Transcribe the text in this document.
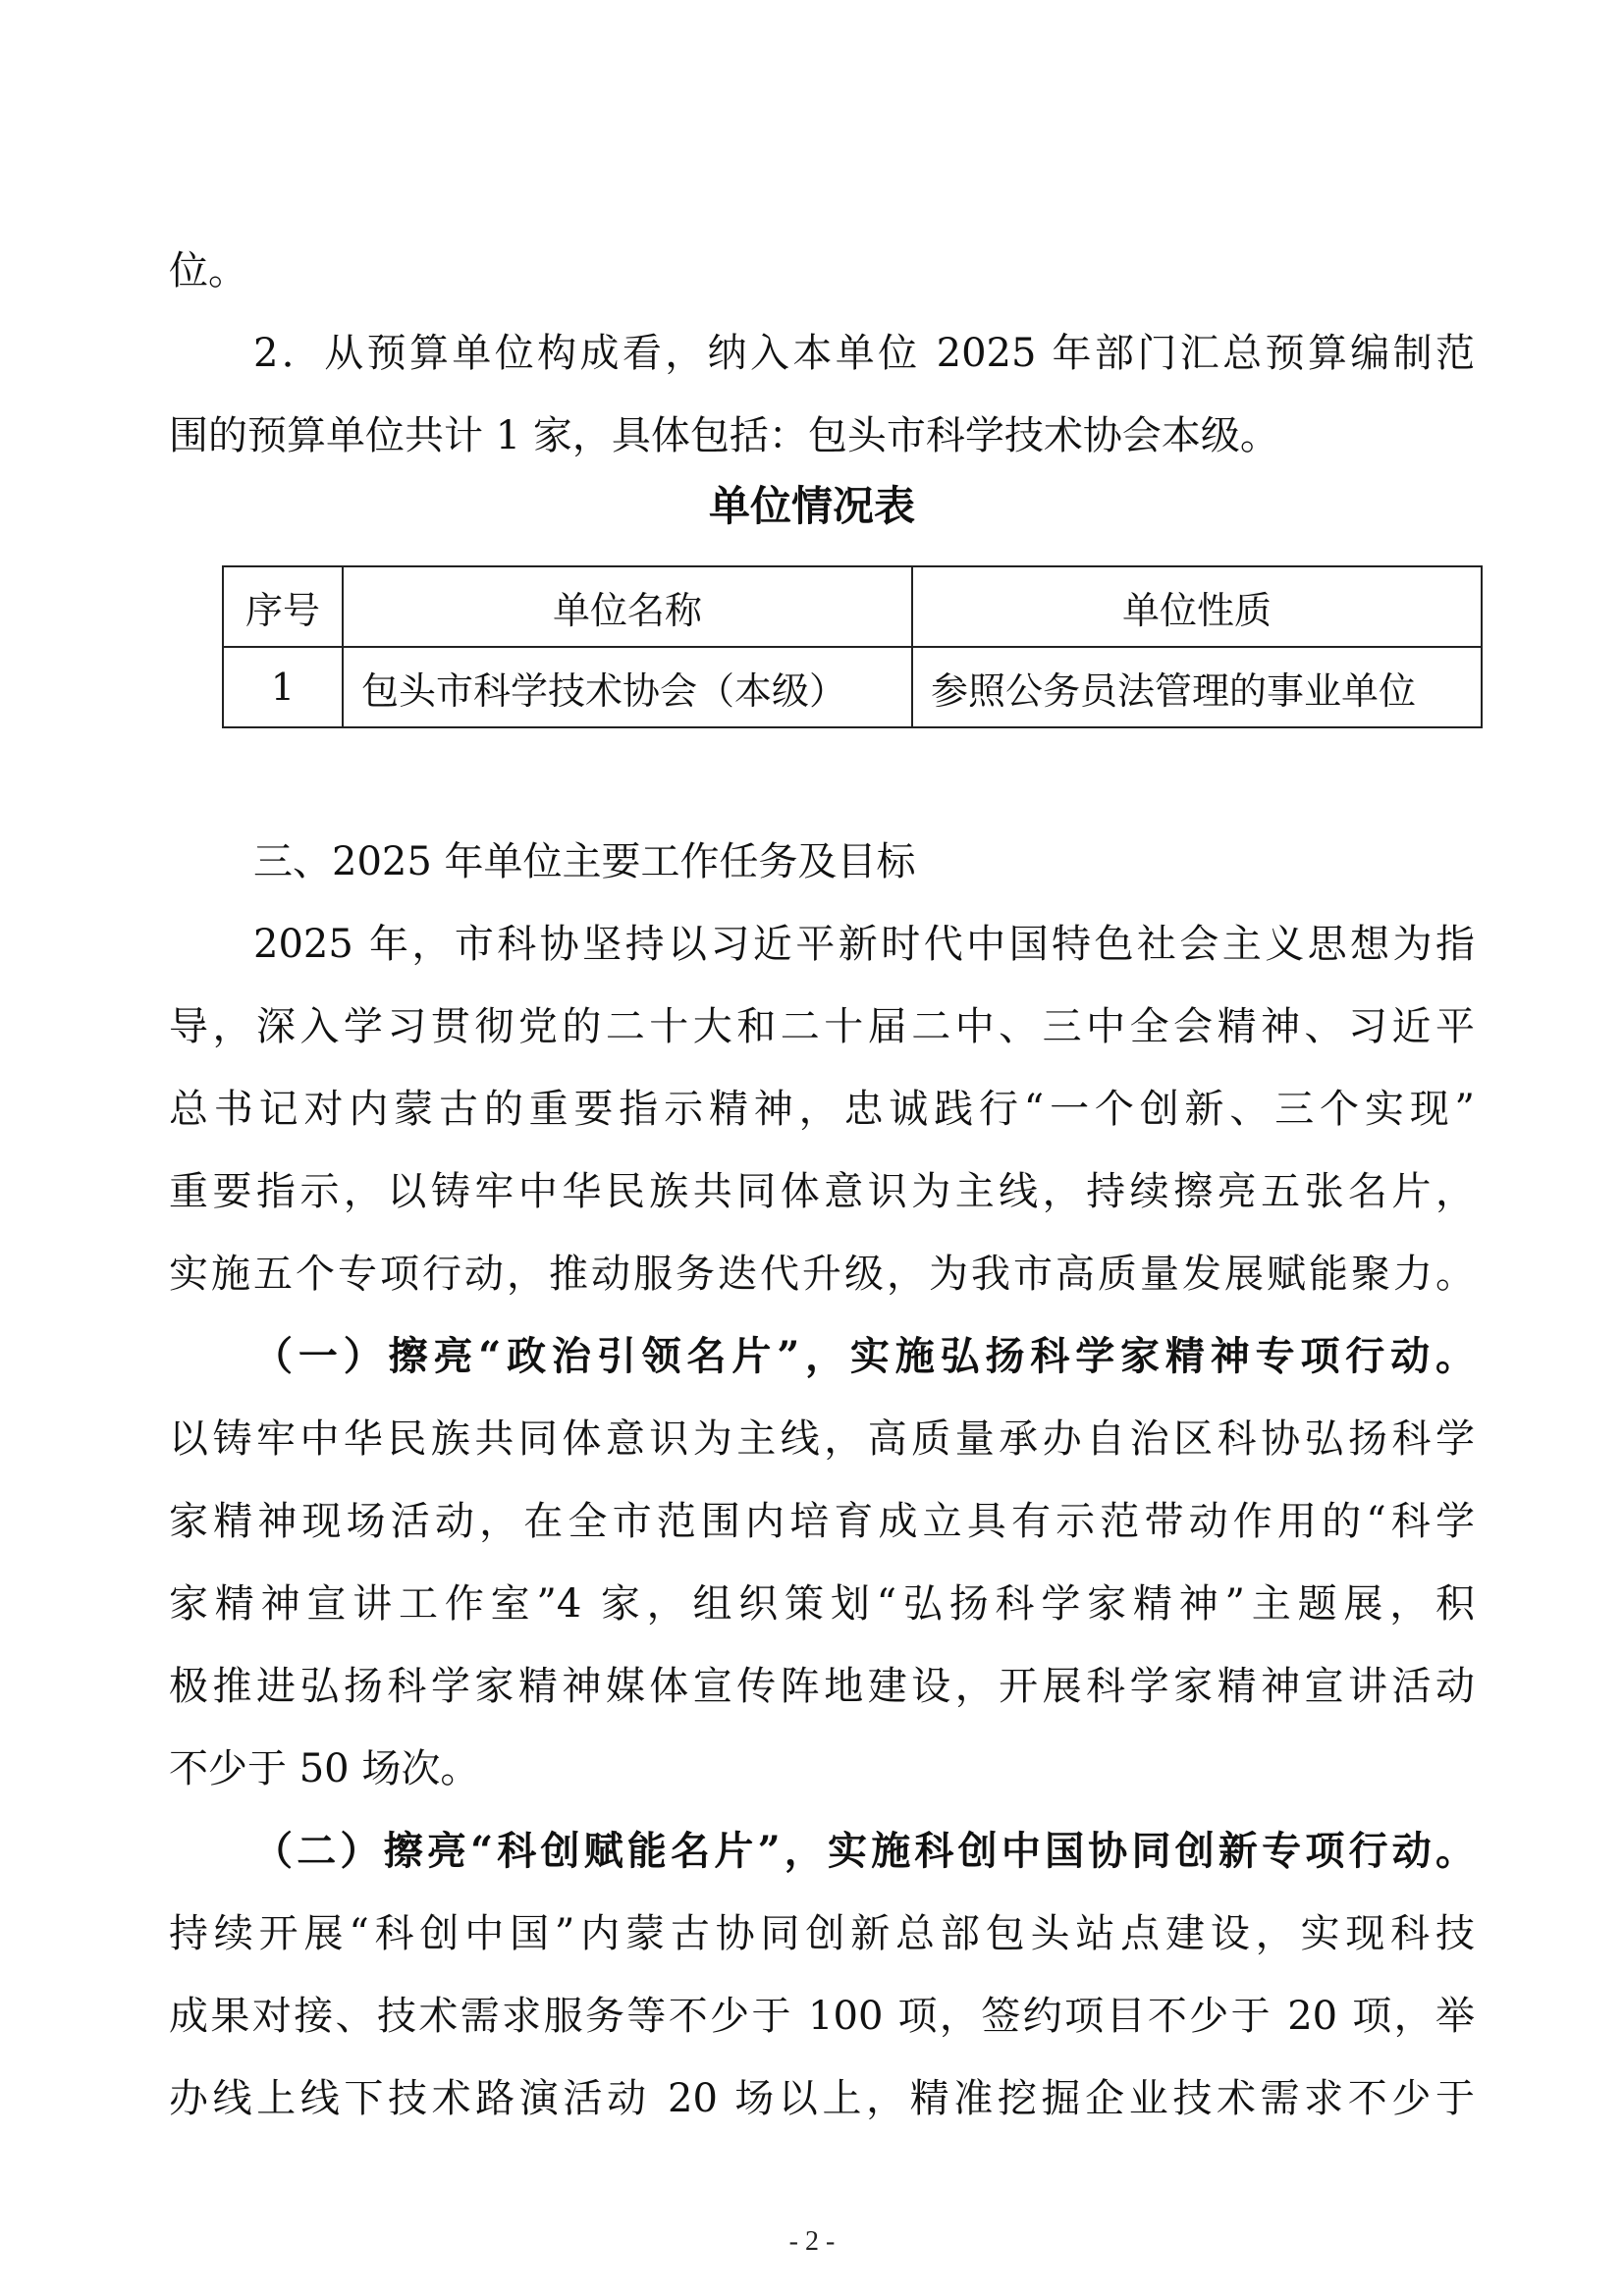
位。

2．从预算单位构成看，纳入本单位 2025 年部门汇总预算编制范

围的预算单位共计 1 家，具体包括：包头市科学技术协会本级。

单位情况表
序号	单位名称	单位性质
1	包头市科学技术协会（本级）	参照公务员法管理的事业单位

三、2025 年单位主要工作任务及目标

2025 年，市科协坚持以习近平新时代中国特色社会主义思想为指

导，深入学习贯彻党的二十大和二十届二中、三中全会精神、习近平

总书记对内蒙古的重要指示精神，忠诚践行“一个创新、三个实现”

重要指示，以铸牢中华民族共同体意识为主线，持续擦亮五张名片，

实施五个专项行动，推动服务迭代升级，为我市高质量发展赋能聚力。

（一）擦亮“政治引领名片”，实施弘扬科学家精神专项行动。

以铸牢中华民族共同体意识为主线，高质量承办自治区科协弘扬科学

家精神现场活动，在全市范围内培育成立具有示范带动作用的“科学

家精神宣讲工作室”4 家，组织策划“弘扬科学家精神”主题展，积

极推进弘扬科学家精神媒体宣传阵地建设，开展科学家精神宣讲活动

不少于 50 场次。

（二）擦亮“科创赋能名片”，实施科创中国协同创新专项行动。

持续开展“科创中国”内蒙古协同创新总部包头站点建设，实现科技

成果对接、技术需求服务等不少于 100 项，签约项目不少于 20 项，举

办线上线下技术路演活动 20 场以上，精准挖掘企业技术需求不少于

- 2 -
